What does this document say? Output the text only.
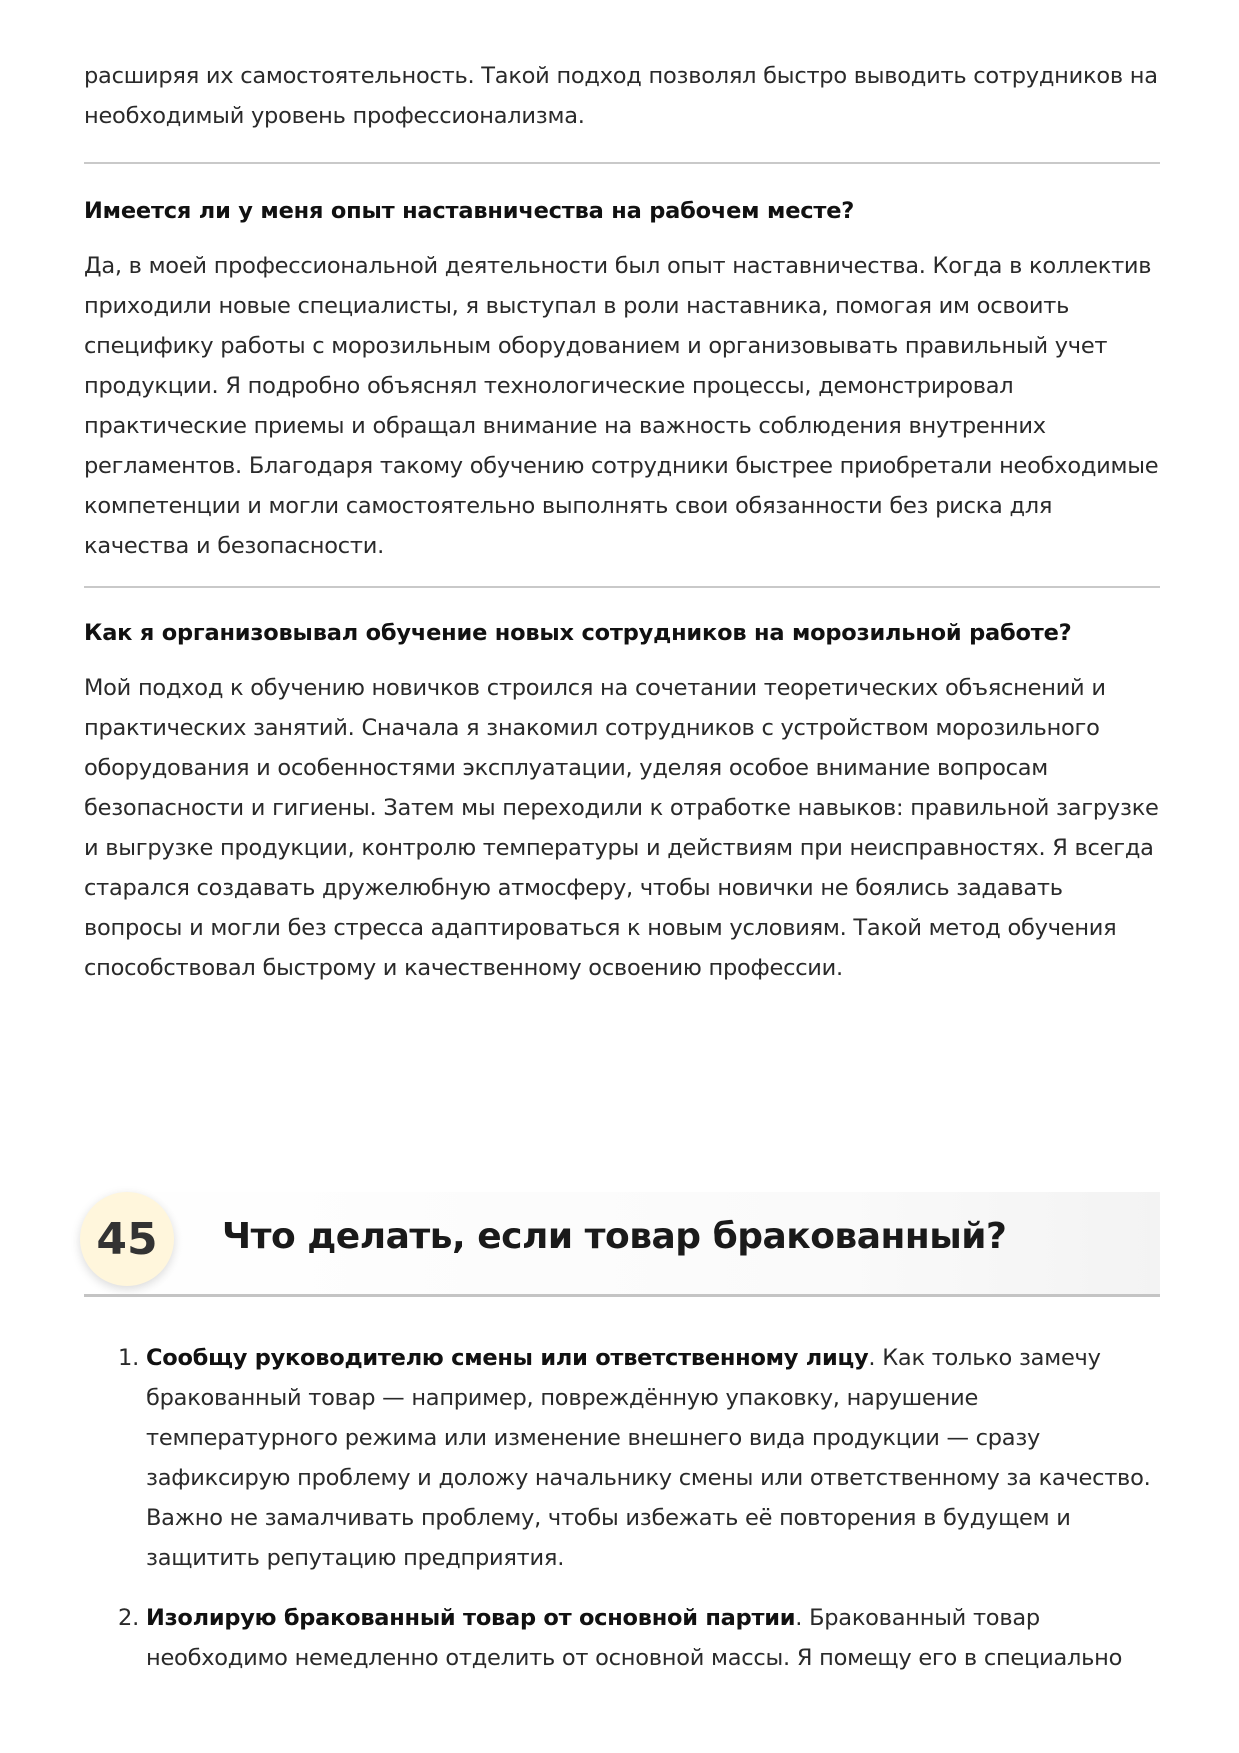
расширяя их самостоятельность. Такой подход позволял быстро выводить сотрудников на необходимый уровень профессионализма.

Имеется ли у меня опыт наставничества на рабочем месте?

Да, в моей профессиональной деятельности был опыт наставничества. Когда в коллектив приходили новые специалисты, я выступал в роли наставника, помогая им освоить специфику работы с морозильным оборудованием и организовывать правильный учет продукции. Я подробно объяснял технологические процессы, демонстрировал практические приемы и обращал внимание на важность соблюдения внутренних регламентов. Благодаря такому обучению сотрудники быстрее приобретали необходимые компетенции и могли самостоятельно выполнять свои обязанности без риска для качества и безопасности.

Как я организовывал обучение новых сотрудников на морозильной работе?

Мой подход к обучению новичков строился на сочетании теоретических объяснений и практических занятий. Сначала я знакомил сотрудников с устройством морозильного оборудования и особенностями эксплуатации, уделяя особое внимание вопросам безопасности и гигиены. Затем мы переходили к отработке навыков: правильной загрузке и выгрузке продукции, контролю температуры и действиям при неисправностях. Я всегда старался создавать дружелюбную атмосферу, чтобы новички не боялись задавать вопросы и могли без стресса адаптироваться к новым условиям. Такой метод обучения способствовал быстрому и качественному освоению профессии.

45	Что делать, если товар бракованный?
1. Сообщу руководителю смены или ответственному лицу. Как только замечу бракованный товар — например, повреждённую упаковку, нарушение температурного режима или изменение внешнего вида продукции — сразу зафиксирую проблему и доложу начальнику смены или ответственному за качество. Важно не замалчивать проблему, чтобы избежать её повторения в будущем и защитить репутацию предприятия.
2. Изолирую бракованный товар от основной партии. Бракованный товар необходимо немедленно отделить от основной массы. Я помещу его в специально
